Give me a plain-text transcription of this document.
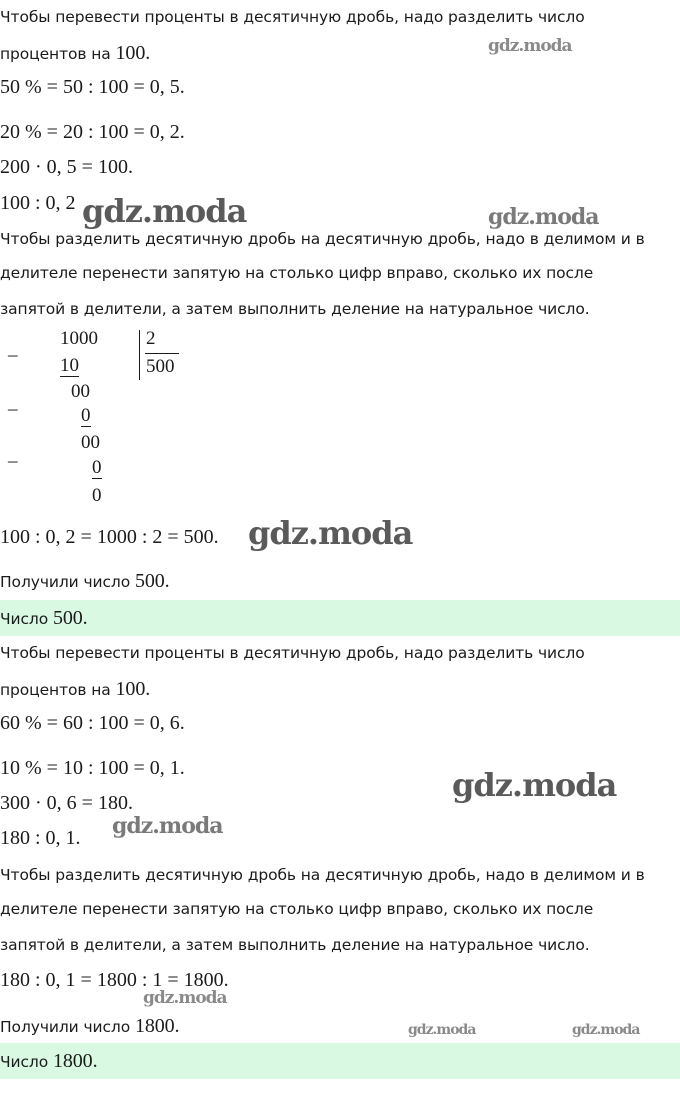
Чтобы перевести проценты в десятичную дробь, надо разделить число
процентов на 100.
50 % = 50 : 100 = 0, 5.
20 % = 20 : 100 = 0, 2.
200 · 0, 5 = 100.
100 : 0, 2
Чтобы разделить десятичную дробь на десятичную дробь, надо в делимом и в
делителе перенести запятую на столько цифр вправо, сколько их после
запятой в делители, а затем выполнить деление на натуральное число.
_ 1000	2
500
10
00
_
0
00
_
0
0
100 : 0, 2 = 1000 : 2 = 500.
Получили число 500.
Число 500.
Чтобы перевести проценты в десятичную дробь, надо разделить число
процентов на 100.
60 % = 60 : 100 = 0, 6.
10 % = 10 : 100 = 0, 1.
300 · 0, 6 = 180.
180 : 0, 1.
Чтобы разделить десятичную дробь на десятичную дробь, надо в делимом и в
делителе перенести запятую на столько цифр вправо, сколько их после
запятой в делители, а затем выполнить деление на натуральное число.
180 : 0, 1 = 1800 : 1 = 1800.
Получили число 1800.
Число 1800.
gdz.moda
gdz.moda	gdz.moda
gdz.moda
gdz.moda
gdz.moda
gdz.moda
gdz.moda	gdz.moda
